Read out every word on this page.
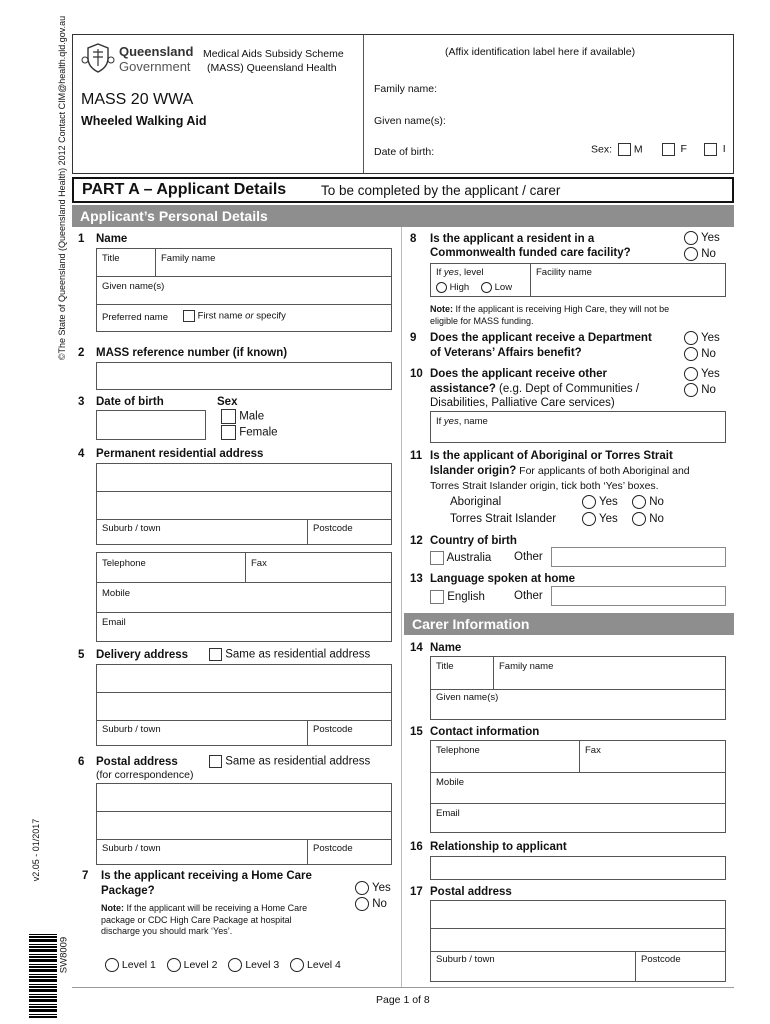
©The State of Queensland (Queensland Health) 2012 Contact CIM@health.qld.gov.au
v2.05 - 01/2017
SW8009
Queensland
Government
Medical Aids Subsidy Scheme
(MASS) Queensland Health
MASS 20 WWA
Wheeled Walking Aid
(Affix identification label here if available)
Family name:
Given name(s):
Date of birth:	Sex: M	F	I
PART A – Applicant Details	To be completed by the applicant / carer
Applicant’s Personal Details
1 Name
Title	Family name
Given name(s)
Preferred name	First name or specify
2 MASS reference number (if known)
3 Date of birth	Sex
Male
Female
4 Permanent residential address
Suburb / town	Postcode
Telephone	Fax
Mobile
Email
5 Delivery address	Same as residential address
Suburb / town	Postcode
6 Postal address
(for correspondence)
Same as residential address
Suburb / town	Postcode
7 Is the applicant receiving a Home Care
Package?	Yes
No
Note: If the applicant will be receiving a Home Care
package or CDC High Care Package at hospital
discharge you should mark ‘Yes’.
Level 1	Level 2	Level 3	Level 4
8 Is the applicant a resident in a
Commonwealth funded care facility?
Yes
No
If yes, level	Facility name
High	Low
Note: If the applicant is receiving High Care, they will not be
eligible for MASS funding.
9 Does the applicant receive a Department
of Veterans’ Affairs benefit?
Yes
No
10 Does the applicant receive other
assistance? (e.g. Dept of Communities /
Disabilities, Palliative Care services)
Yes
No
If yes, name
11 Is the applicant of Aboriginal or Torres Strait
Islander origin? For applicants of both Aboriginal and
Torres Strait Islander origin, tick both ‘Yes’ boxes.
Aboriginal	Yes	No
Torres Strait Islander	Yes	No
12 Country of birth
Australia Other
13 Language spoken at home
English	Other
Carer Information
14 Name
Title	Family name
Given name(s)
15 Contact information
Telephone	Fax
Mobile
Email
16 Relationship to applicant
17 Postal address
Suburb / town	Postcode
Page 1 of 8
